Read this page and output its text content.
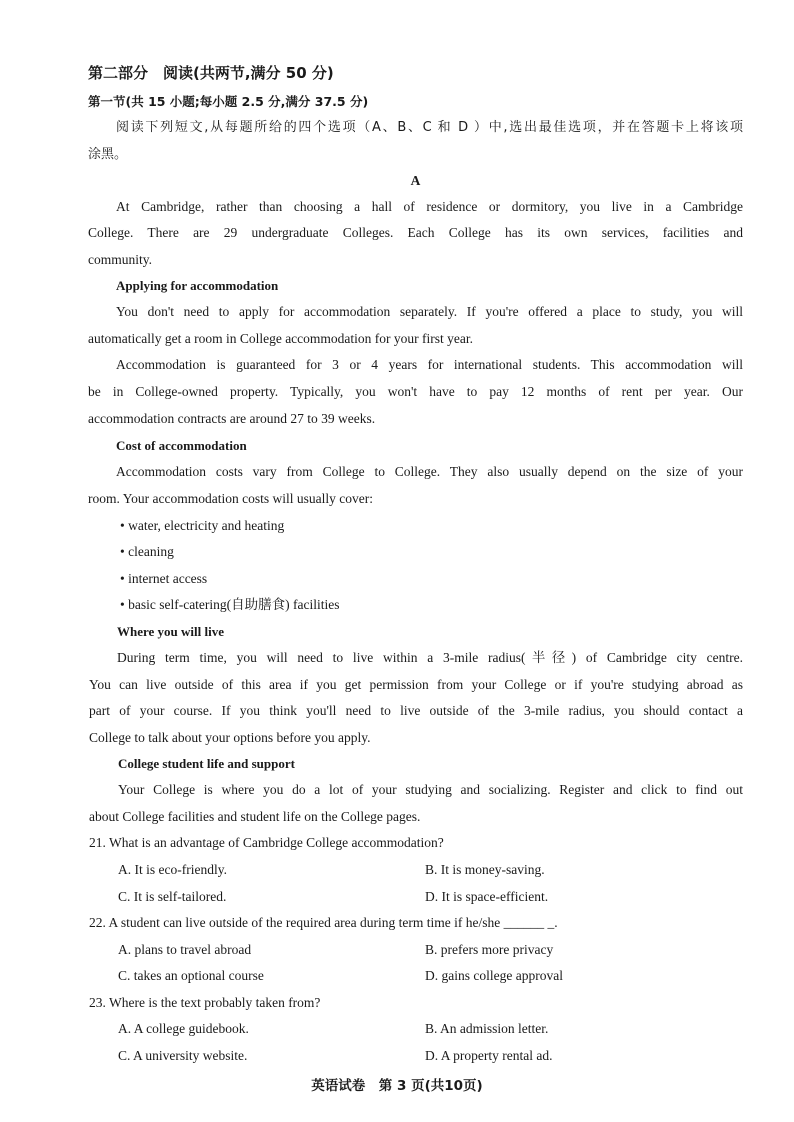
第二部分　阅读(共两节,满分 50 分)
第一节(共 15 小题;每小题 2.5 分,满分 37.5 分)
阅读下列短文,从每题所给的四个选项（A、B、C 和 D ）中,选出最佳选项，并在答题卡上将该项
涂黑。
A
At Cambridge, rather than choosing a hall of residence or dormitory, you live in a Cambridge
College. There are 29 undergraduate Colleges. Each College has its own services, facilities and
community.
Applying for accommodation
You don't need to apply for accommodation separately. If you're offered a place to study, you will
automatically get a room in College accommodation for your first year.
Accommodation is guaranteed for 3 or 4 years for international students. This accommodation will
be in College-owned property. Typically, you won't have to pay 12 months of rent per year. Our
accommodation contracts are around 27 to 39 weeks.
Cost of accommodation
Accommodation costs vary from College to College. They also usually depend on the size of your
room. Your accommodation costs will usually cover:
• water, electricity and heating
• cleaning
• internet access
• basic self-catering(自助膳食) facilities
Where you will live
During term time, you will need to live within a 3-mile radius(半径) of Cambridge city centre.
You can live outside of this area if you get permission from your College or if you're studying abroad as
part of your course. If you think you'll need to live outside of the 3-mile radius, you should contact a
College to talk about your options before you apply.
College student life and support
Your College is where you do a lot of your studying and socializing. Register and click to find out
about College facilities and student life on the College pages.
21. What is an advantage of Cambridge College accommodation?
A. It is eco-friendly.	B. It is money-saving.
C. It is self-tailored.	D. It is space-efficient.
22. A student can live outside of the required area during term time if he/she ______ _.
A. plans to travel abroad	B. prefers more privacy
C. takes an optional course	D. gains college approval
23. Where is the text probably taken from?
A. A college guidebook.	B. An admission letter.
C. A university website.	D. A property rental ad.
英语试卷　第 3 页(共10页)
